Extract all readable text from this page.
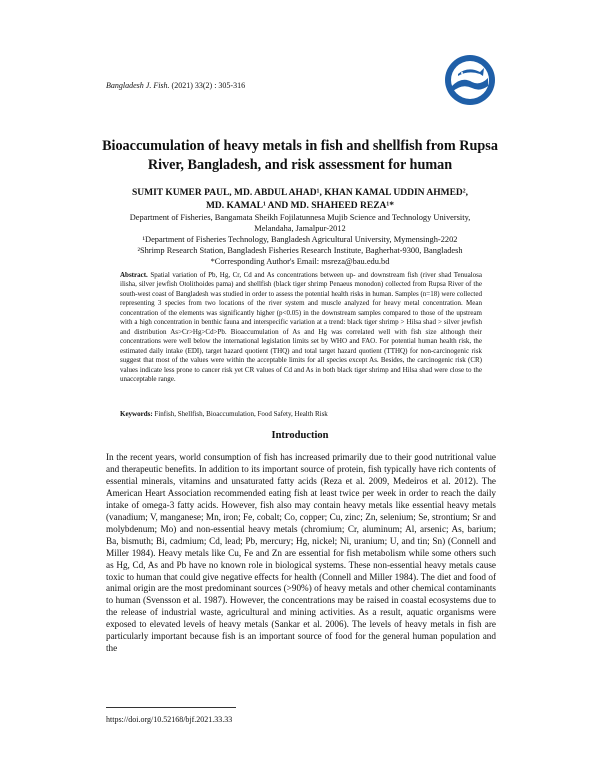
Bangladesh J. Fish. (2021) 33(2) : 305-316
Bioaccumulation of heavy metals in fish and shellfish from Rupsa River, Bangladesh, and risk assessment for human
SUMIT KUMER PAUL, MD. ABDUL AHAD¹, KHAN KAMAL UDDIN AHMED²,
MD. KAMAL¹ AND MD. SHAHEED REZA¹*
Department of Fisheries, Bangamata Sheikh Fojilatunnesa Mujib Science and Technology University,
Melandaha, Jamalpur-2012
¹Department of Fisheries Technology, Bangladesh Agricultural University, Mymensingh-2202
²Shrimp Research Station, Bangladesh Fisheries Research Institute, Bagherhat-9300, Bangladesh
*Corresponding Author's Email: msreza@bau.edu.bd
Abstract. Spatial variation of Pb, Hg, Cr, Cd and As concentrations between up- and downstream fish (river shad Tenualosa ilisha, silver jewfish Otolithoides pama) and shellfish (black tiger shrimp Penaeus monodon) collected from Rupsa River of the south-west coast of Bangladesh was studied in order to assess the potential health risks in human. Samples (n=18) were collected representing 3 species from two locations of the river system and muscle analyzed for heavy metal concentration. Mean concentration of the elements was significantly higher (p<0.05) in the downstream samples compared to those of the upstream with a high concentration in benthic fauna and interspecific variation at a trend: black tiger shrimp > Hilsa shad > silver jewfish and distribution As>Cr>Hg>Cd>Pb. Bioaccumulation of As and Hg was correlated well with fish size although their concentrations were well below the international legislation limits set by WHO and FAO. For potential human health risk, the estimated daily intake (EDI), target hazard quotient (THQ) and total target hazard quotient (TTHQ) for non-carcinogenic risk suggest that most of the values were within the acceptable limits for all species except As. Besides, the carcinogenic risk (CR) values indicate less prone to cancer risk yet CR values of Cd and As in both black tiger shrimp and Hilsa shad were close to the unacceptable range.
Keywords: Finfish, Shellfish, Bioaccumulation, Food Safety, Health Risk
Introduction

In the recent years, world consumption of fish has increased primarily due to their good nutritional value and therapeutic benefits. In addition to its important source of protein, fish typically have rich contents of essential minerals, vitamins and unsaturated fatty acids (Reza et al. 2009, Medeiros et al. 2012). The American Heart Association recommended eating fish at least twice per week in order to reach the daily intake of omega-3 fatty acids. However, fish also may contain heavy metals like essential heavy metals (vanadium; V, manganese; Mn, iron; Fe, cobalt; Co, copper; Cu, zinc; Zn, selenium; Se, strontium; Sr and molybdenum; Mo) and non-essential heavy metals (chromium; Cr, aluminum; Al, arsenic; As, barium; Ba, bismuth; Bi, cadmium; Cd, lead; Pb, mercury; Hg, nickel; Ni, uranium; U, and tin; Sn) (Connell and Miller 1984). Heavy metals like Cu, Fe and Zn are essential for fish metabolism while some others such as Hg, Cd, As and Pb have no known role in biological systems. These non-essential heavy metals cause toxic to human that could give negative effects for health (Connell and Miller 1984). The diet and food of animal origin are the most predominant sources (>90%) of heavy metals and other chemical contaminants to human (Svensson et al. 1987). However, the concentrations may be raised in coastal ecosystems due to the release of industrial waste, agricultural and mining activities. As a result, aquatic organisms were exposed to elevated levels of heavy metals (Sankar et al. 2006). The levels of heavy metals in fish are particularly important because fish is an important source of food for the general human population and the

https://doi.org/10.52168/bjf.2021.33.33
